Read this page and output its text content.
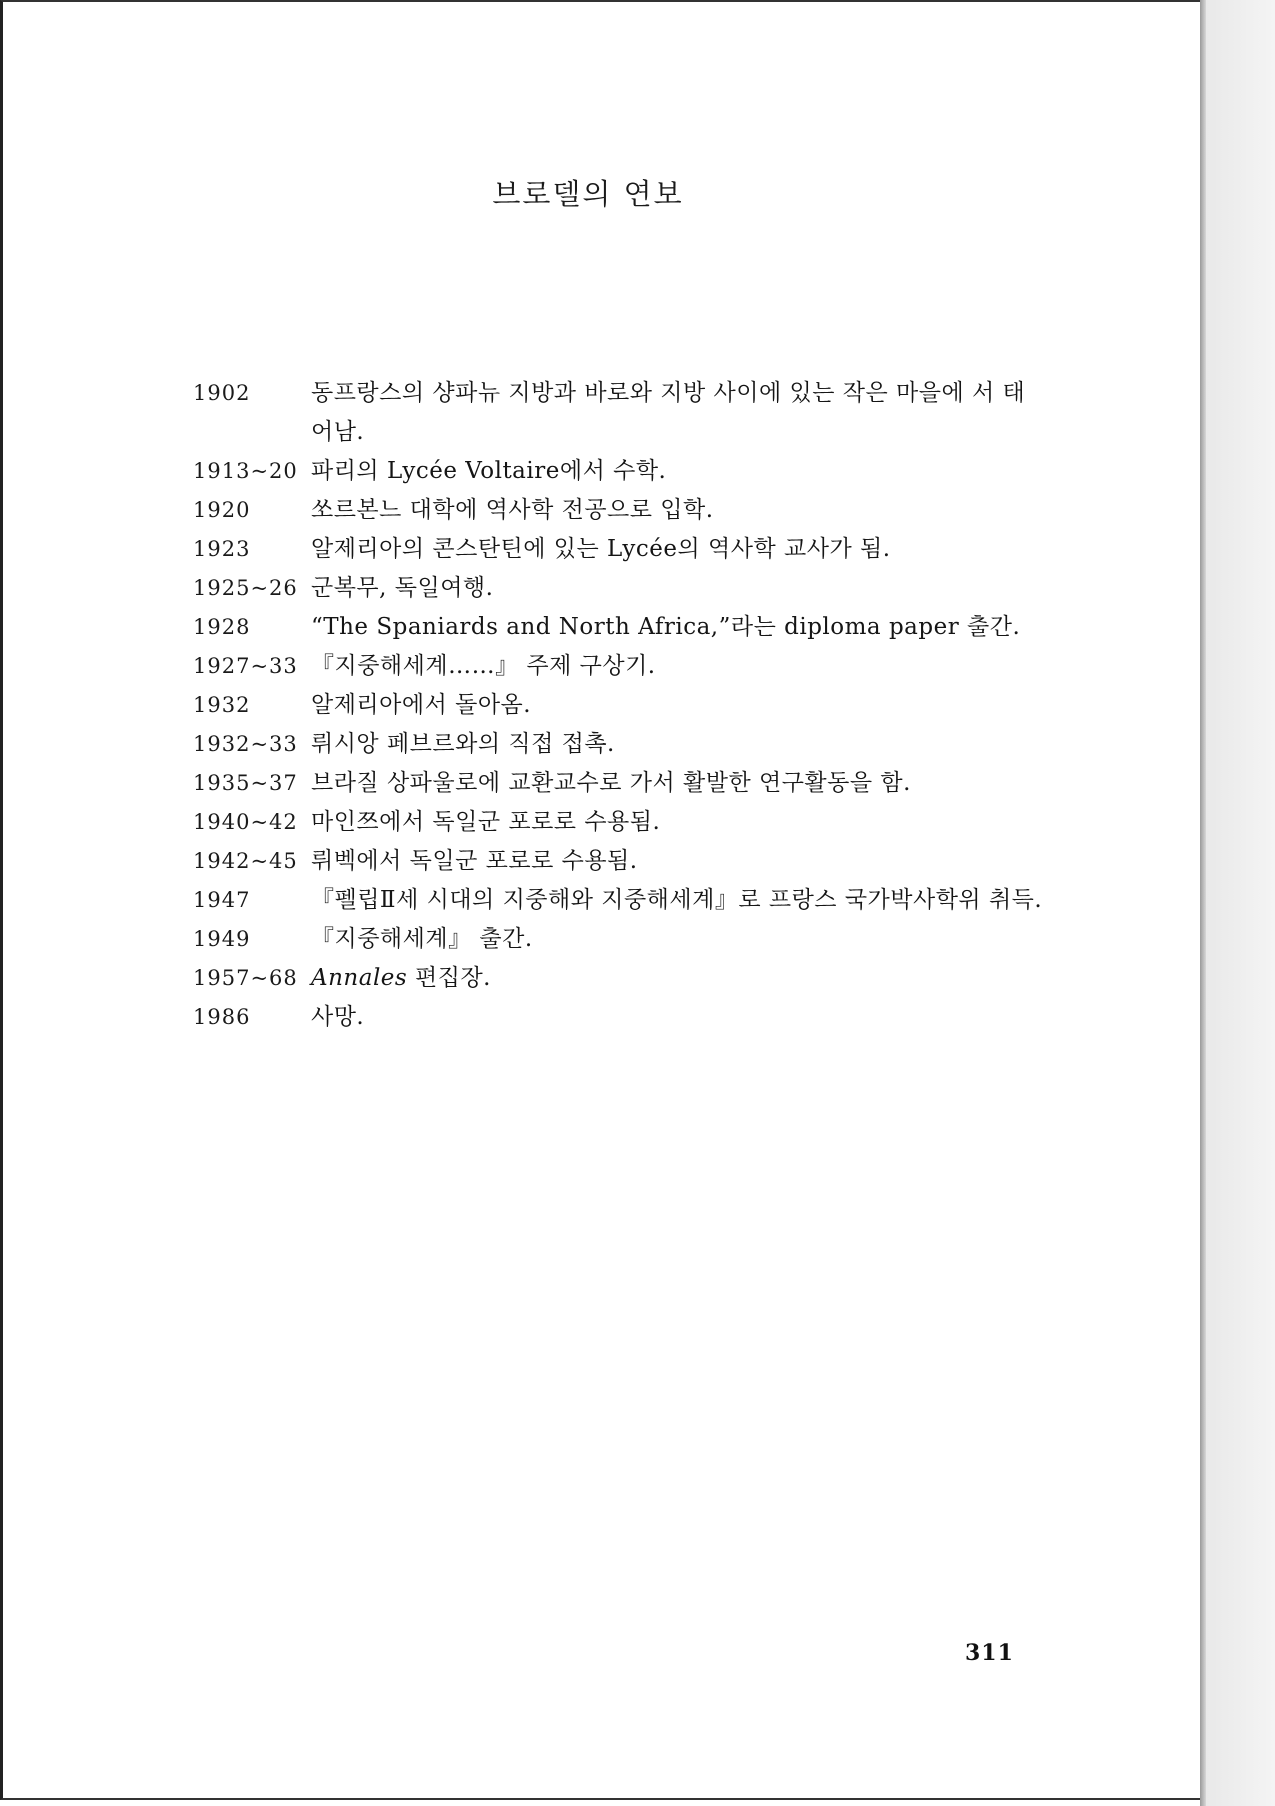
브로델의 연보
1902	동프랑스의 샹파뉴 지방과 바로와 지방 사이에 있는 작은 마을에 서 태어남.
1913~20 파리의 Lycée Voltaire에서 수학.
1920	쏘르본느 대학에 역사학 전공으로 입학.
1923	알제리아의 콘스탄틴에 있는 Lycée의 역사학 교사가 됨.
1925~26 군복무, 독일여행.
1928	“The Spaniards and North Africa,”라는 diploma paper 출간.
1927~33 『지중해세계……』 주제 구상기.
1932	알제리아에서 돌아옴.
1932~33 뤼시앙 페브르와의 직접 접촉.
1935~37 브라질 상파울로에 교환교수로 가서 활발한 연구활동을 함.
1940~42 마인쯔에서 독일군 포로로 수용됨.
1942~45 뤼벡에서 독일군 포로로 수용됨.
1947	『펠립Ⅱ세 시대의 지중해와 지중해세계』로 프랑스 국가박사학위 취득.
1949	『지중해세계』 출간.
1957~68 Annales 편집장.
1986	사망.
311
